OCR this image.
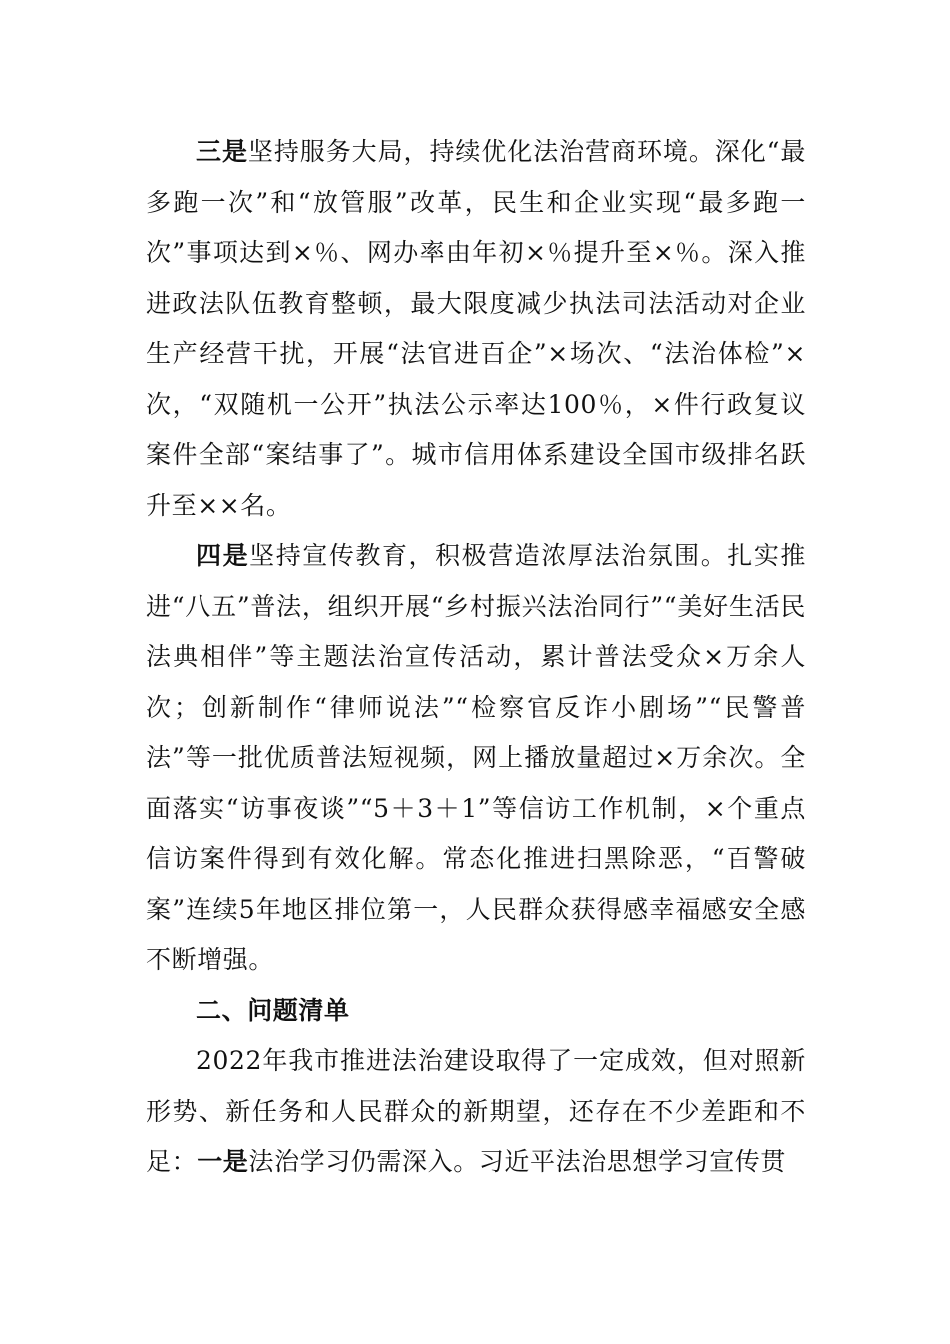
三是坚持服务大局，持续优化法治营商环境。深化“最多跑一次”和“放管服”改革，民生和企业实现“最多跑一次”事项达到×％、网办率由年初×％提升至×％。深入推进政法队伍教育整顿，最大限度减少执法司法活动对企业生产经营干扰，开展“法官进百企”×场次、“法治体检”×次，“双随机一公开”执法公示率达100％，×件行政复议案件全部“案结事了”。城市信用体系建设全国市级排名跃升至××名。

四是坚持宣传教育，积极营造浓厚法治氛围。扎实推进“八五”普法，组织开展“乡村振兴法治同行”“美好生活民法典相伴”等主题法治宣传活动，累计普法受众×万余人次；创新制作“律师说法”“检察官反诈小剧场”“民警普法”等一批优质普法短视频，网上播放量超过×万余次。全面落实“访事夜谈”“5＋3＋1”等信访工作机制，×个重点信访案件得到有效化解。常态化推进扫黑除恶，“百警破案”连续5年地区排位第一，人民群众获得感幸福感安全感不断增强。

二、问题清单

2022年我市推进法治建设取得了一定成效，但对照新形势、新任务和人民群众的新期望，还存在不少差距和不足：一是法治学习仍需深入。习近平法治思想学习宣传贯
